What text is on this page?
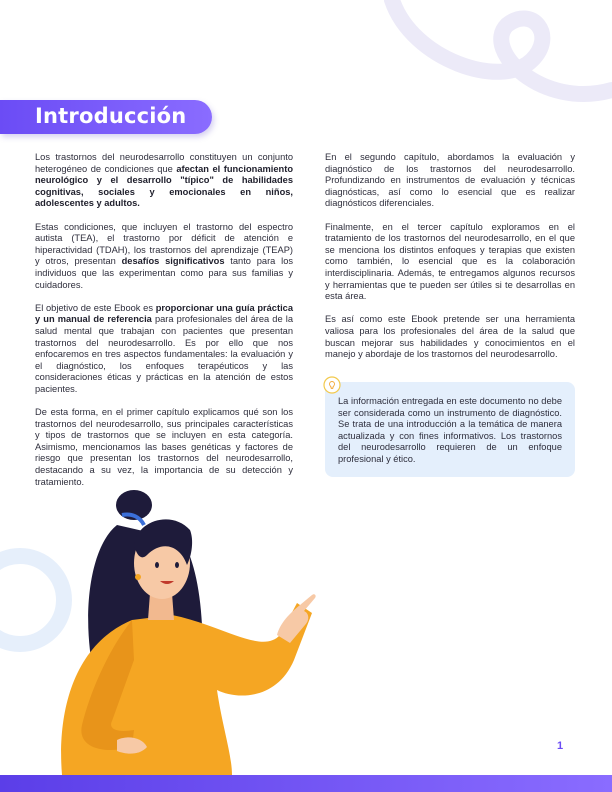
Introducción

Los trastornos del neurodesarrollo constituyen un conjunto heterogéneo de condiciones que afectan el funcionamiento neurológico y el desarrollo "típico" de habilidades cognitivas, sociales y emocionales en niños, adolescentes y adultos.

Estas condiciones, que incluyen el trastorno del espectro autista (TEA), el trastorno por déficit de atención e hiperactividad (TDAH), los trastornos del aprendizaje (TEAP) y otros, presentan desafíos significativos tanto para los individuos que las experimentan como para sus familias y cuidadores.

El objetivo de este Ebook es proporcionar una guía práctica y un manual de referencia para profesionales del área de la salud mental que trabajan con pacientes que presentan trastornos del neurodesarrollo. Es por ello que nos enfocaremos en tres aspectos fundamentales: la evaluación y el diagnóstico, los enfoques terapéuticos y las consideraciones éticas y prácticas en la atención de estos pacientes.

De esta forma, en el primer capítulo explicamos qué son los trastornos del neurodesarrollo, sus principales características y tipos de trastornos que se incluyen en esta categoría. Asimismo, mencionamos las bases genéticas y factores de riesgo que presentan los trastornos del neurodesarrollo, destacando a su vez, la importancia de su detección y tratamiento.

En el segundo capítulo, abordamos la evaluación y diagnóstico de los trastornos del neurodesarrollo. Profundizando en instrumentos de evaluación y técnicas diagnósticas, así como lo esencial que es realizar diagnósticos diferenciales.

Finalmente, en el tercer capítulo exploramos en el tratamiento de los trastornos del neurodesarrollo, en el que se menciona los distintos enfoques y terapias que existen como también, lo esencial que es la colaboración interdisciplinaria. Además, te entregamos algunos recursos y herramientas que te pueden ser útiles si te desarrollas en esta área.

Es así como este Ebook pretende ser una herramienta valiosa para los profesionales del área de la salud que buscan mejorar sus habilidades y conocimientos en el manejo y abordaje de los trastornos del neurodesarrollo.

La información entregada en este documento no debe ser considerada como un instrumento de diagnóstico. Se trata de una introducción a la temática de manera actualizada y con fines informativos. Los trastornos del neurodesarrollo requieren de un enfoque profesional y ético.

1
